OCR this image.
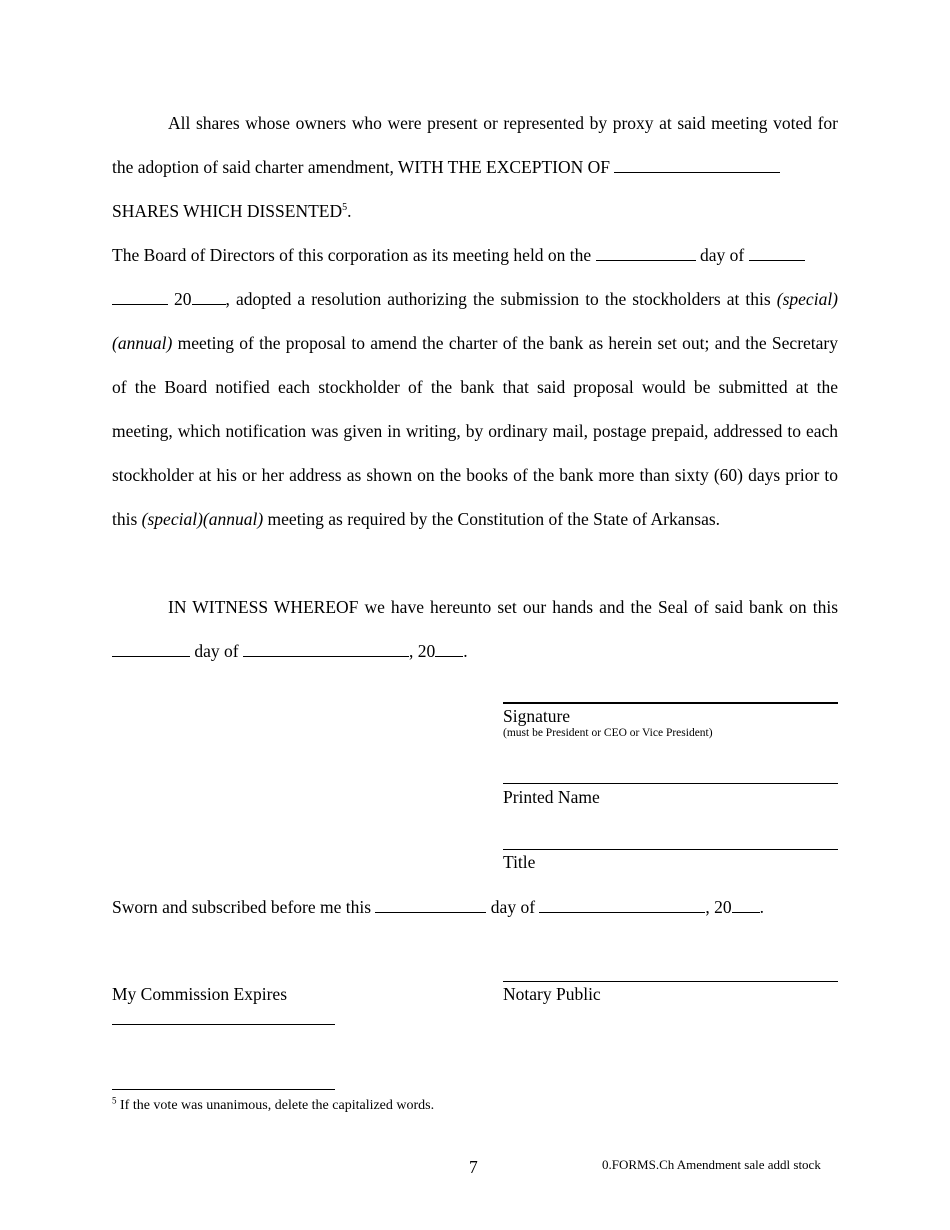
All shares whose owners who were present or represented by proxy at said meeting voted for the adoption of said charter amendment, WITH THE EXCEPTION OF
SHARES WHICH DISSENTED$^5$.
The Board of Directors of this corporation as its meeting held on the	day of
20 , adopted a resolution authorizing the submission to the stockholders at this (special)(annual) meeting of the proposal to amend the charter of the bank as herein set out; and the Secretary of the Board notified each stockholder of the bank that said proposal would be submitted at the meeting, which notification was given in writing, by ordinary mail, postage prepaid, addressed to each stockholder at his or her address as shown on the books of the bank more than sixty (60) days prior to this (special)(annual) meeting as required by the Constitution of the State of Arkansas.
IN WITNESS WHEREOF we have hereunto set our hands and the Seal of said bank on this  day of	, 20 .
Signature
(must be President or CEO or Vice President)
Printed Name
Title
Sworn and subscribed before me this	day of	, 20 .
My Commission Expires	Notary Public
$^5$ If the vote was unanimous, delete the capitalized words.
7	0.FORMS.Ch Amendment sale addl stock
